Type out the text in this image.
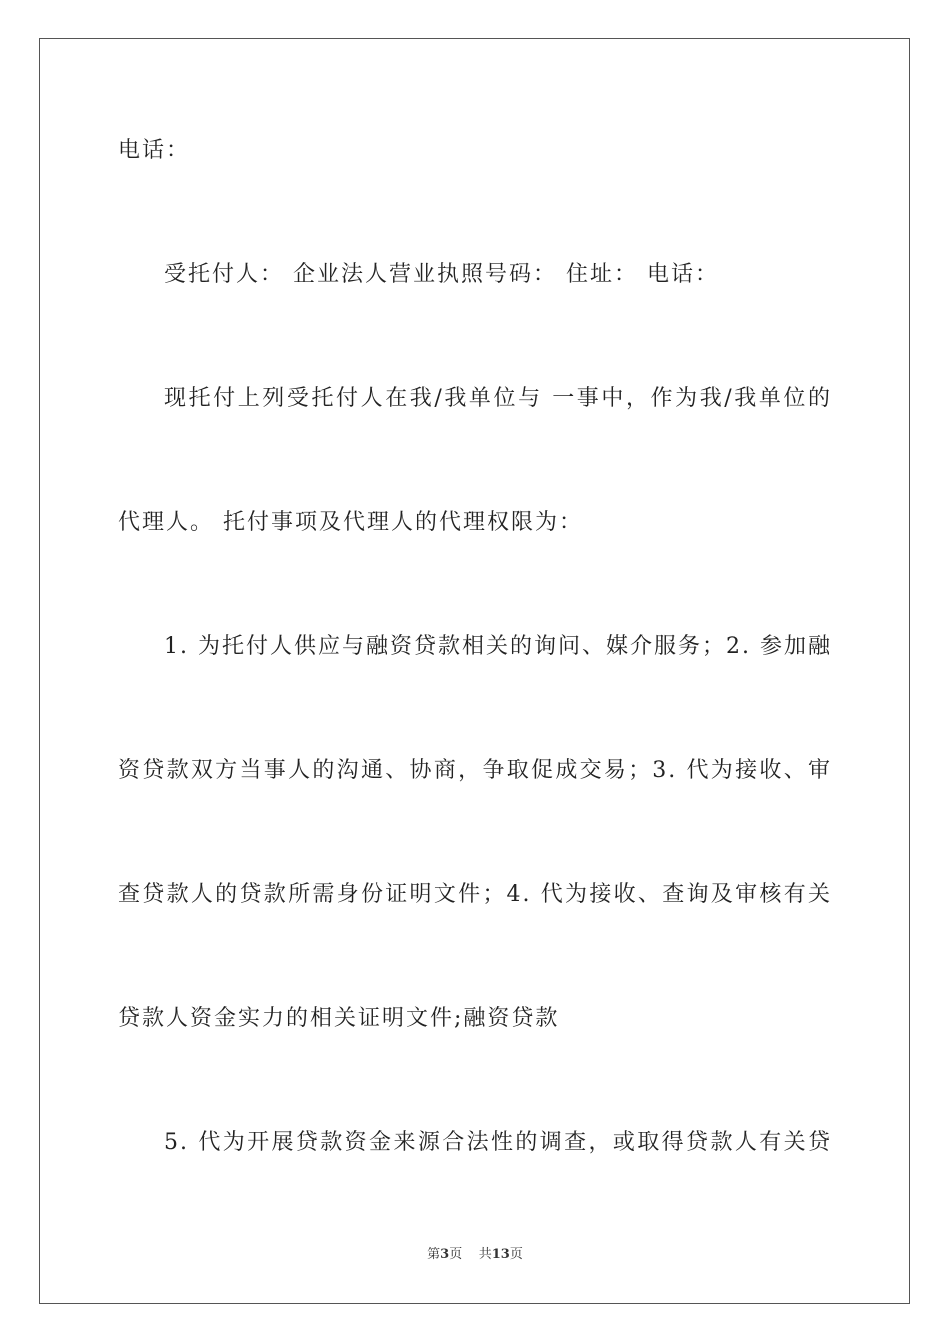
电话：
受托付人： 企业法人营业执照号码： 住址： 电话：
现托付上列受托付人在我/我单位与 一事中，作为我/我单位的
代理人。 托付事项及代理人的代理权限为：
1. 为托付人供应与融资贷款相关的询问、媒介服务；2. 参加融
资贷款双方当事人的沟通、协商，争取促成交易；3. 代为接收、审
查贷款人的贷款所需身份证明文件；4. 代为接收、查询及审核有关
贷款人资金实力的相关证明文件;融资贷款
5. 代为开展贷款资金来源合法性的调查，或取得贷款人有关贷
第3页 共13页
